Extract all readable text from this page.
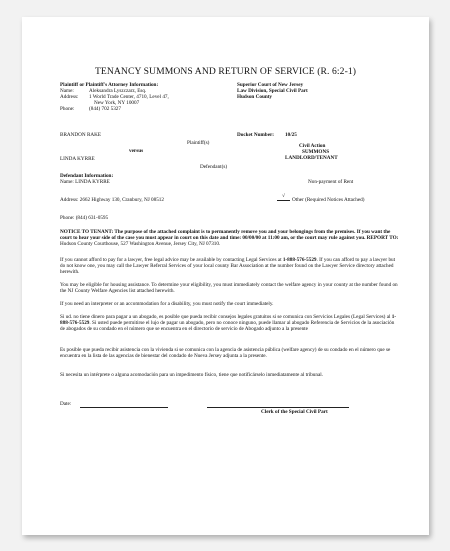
TENANCY SUMMONS AND RETURN OF SERVICE (R. 6:2-1)
Plaintiff or Plaintiff's Attorney Information:
Name:	Aleksandra Lyszczarz, Esq.
Address: 1 World Trade Center, 4710, Level 47,
New York, NY 10007
Phone:	(844) 702 5327
Superior Court of New Jersey
Law Division, Special Civil Part
Hudson County
BRANDON RAKE
Plaintiff(s)
versus
LINDA KYRRE
Defendant(s)
Docket Number: 10/25
Civil Action
SUMMONS
LANDLORD/TENANT
Defendant Information:
Name: LINDA KYRRE
Address: 2662 Highway 130, Cranbury, NJ 08512
Phone: (844) 631-0595
Non-payment of Rent
√
Other (Required Notices Attached)
NOTICE TO TENANT: The purpose of the attached complaint is to permanently remove you and your belongings from the premises. If you want the court to hear your side of the case you must appear in court on this date and time: 00/00/00 at 11:00 am, or the court may rule against you. REPORT TO: Hudson County Courthouse, 527 Washington Avenue, Jersey City, NJ 07310.
If you cannot afford to pay for a lawyer, free legal advice may be available by contacting Legal Services at 1-888-576-5529. If you can afford to pay a lawyer but do not know one, you may call the Lawyer Referral Services of your local county Bar Association at the number found on the Lawyer Service directory attached herewith.
You may be eligible for housing assistance. To determine your eligibility, you must immediately contact the welfare agency in your county at the number found on the NJ County Welfare Agencies list attached herewith.
If you need an interpreter or an accommodation for a disability, you must notify the court immediately.
Si ud. no tiene dinero para pagar a un abogado, es posible que pueda recibir consejos legales gratuitos si se comunica con Servicios Legales (Legal Services) al 1-888-576-5529. Si usted puede permitirse el lujo de pagar un abogado, pero no conoce ninguno, puede llamar al abogado Referencia de Servicios de la asociación de abogados de su condado en el número que se encuentra en el directorio de servicio de Abogado adjunto a la presente
Es posible que pueda recibir asistencia con la vivienda si se comunica con la agencia de asistencia pública (welfare agency) de su condado en el número que se encuentra en la lista de las agencias de bienestar del condado de Nueva Jersey adjunta a la presente.
Si necesita un intérprete o alguna acomodación para un impedimento físico, tiene que notificárselo inmediatamente al tribunal.
Date:
Clerk of the Special Civil Part
